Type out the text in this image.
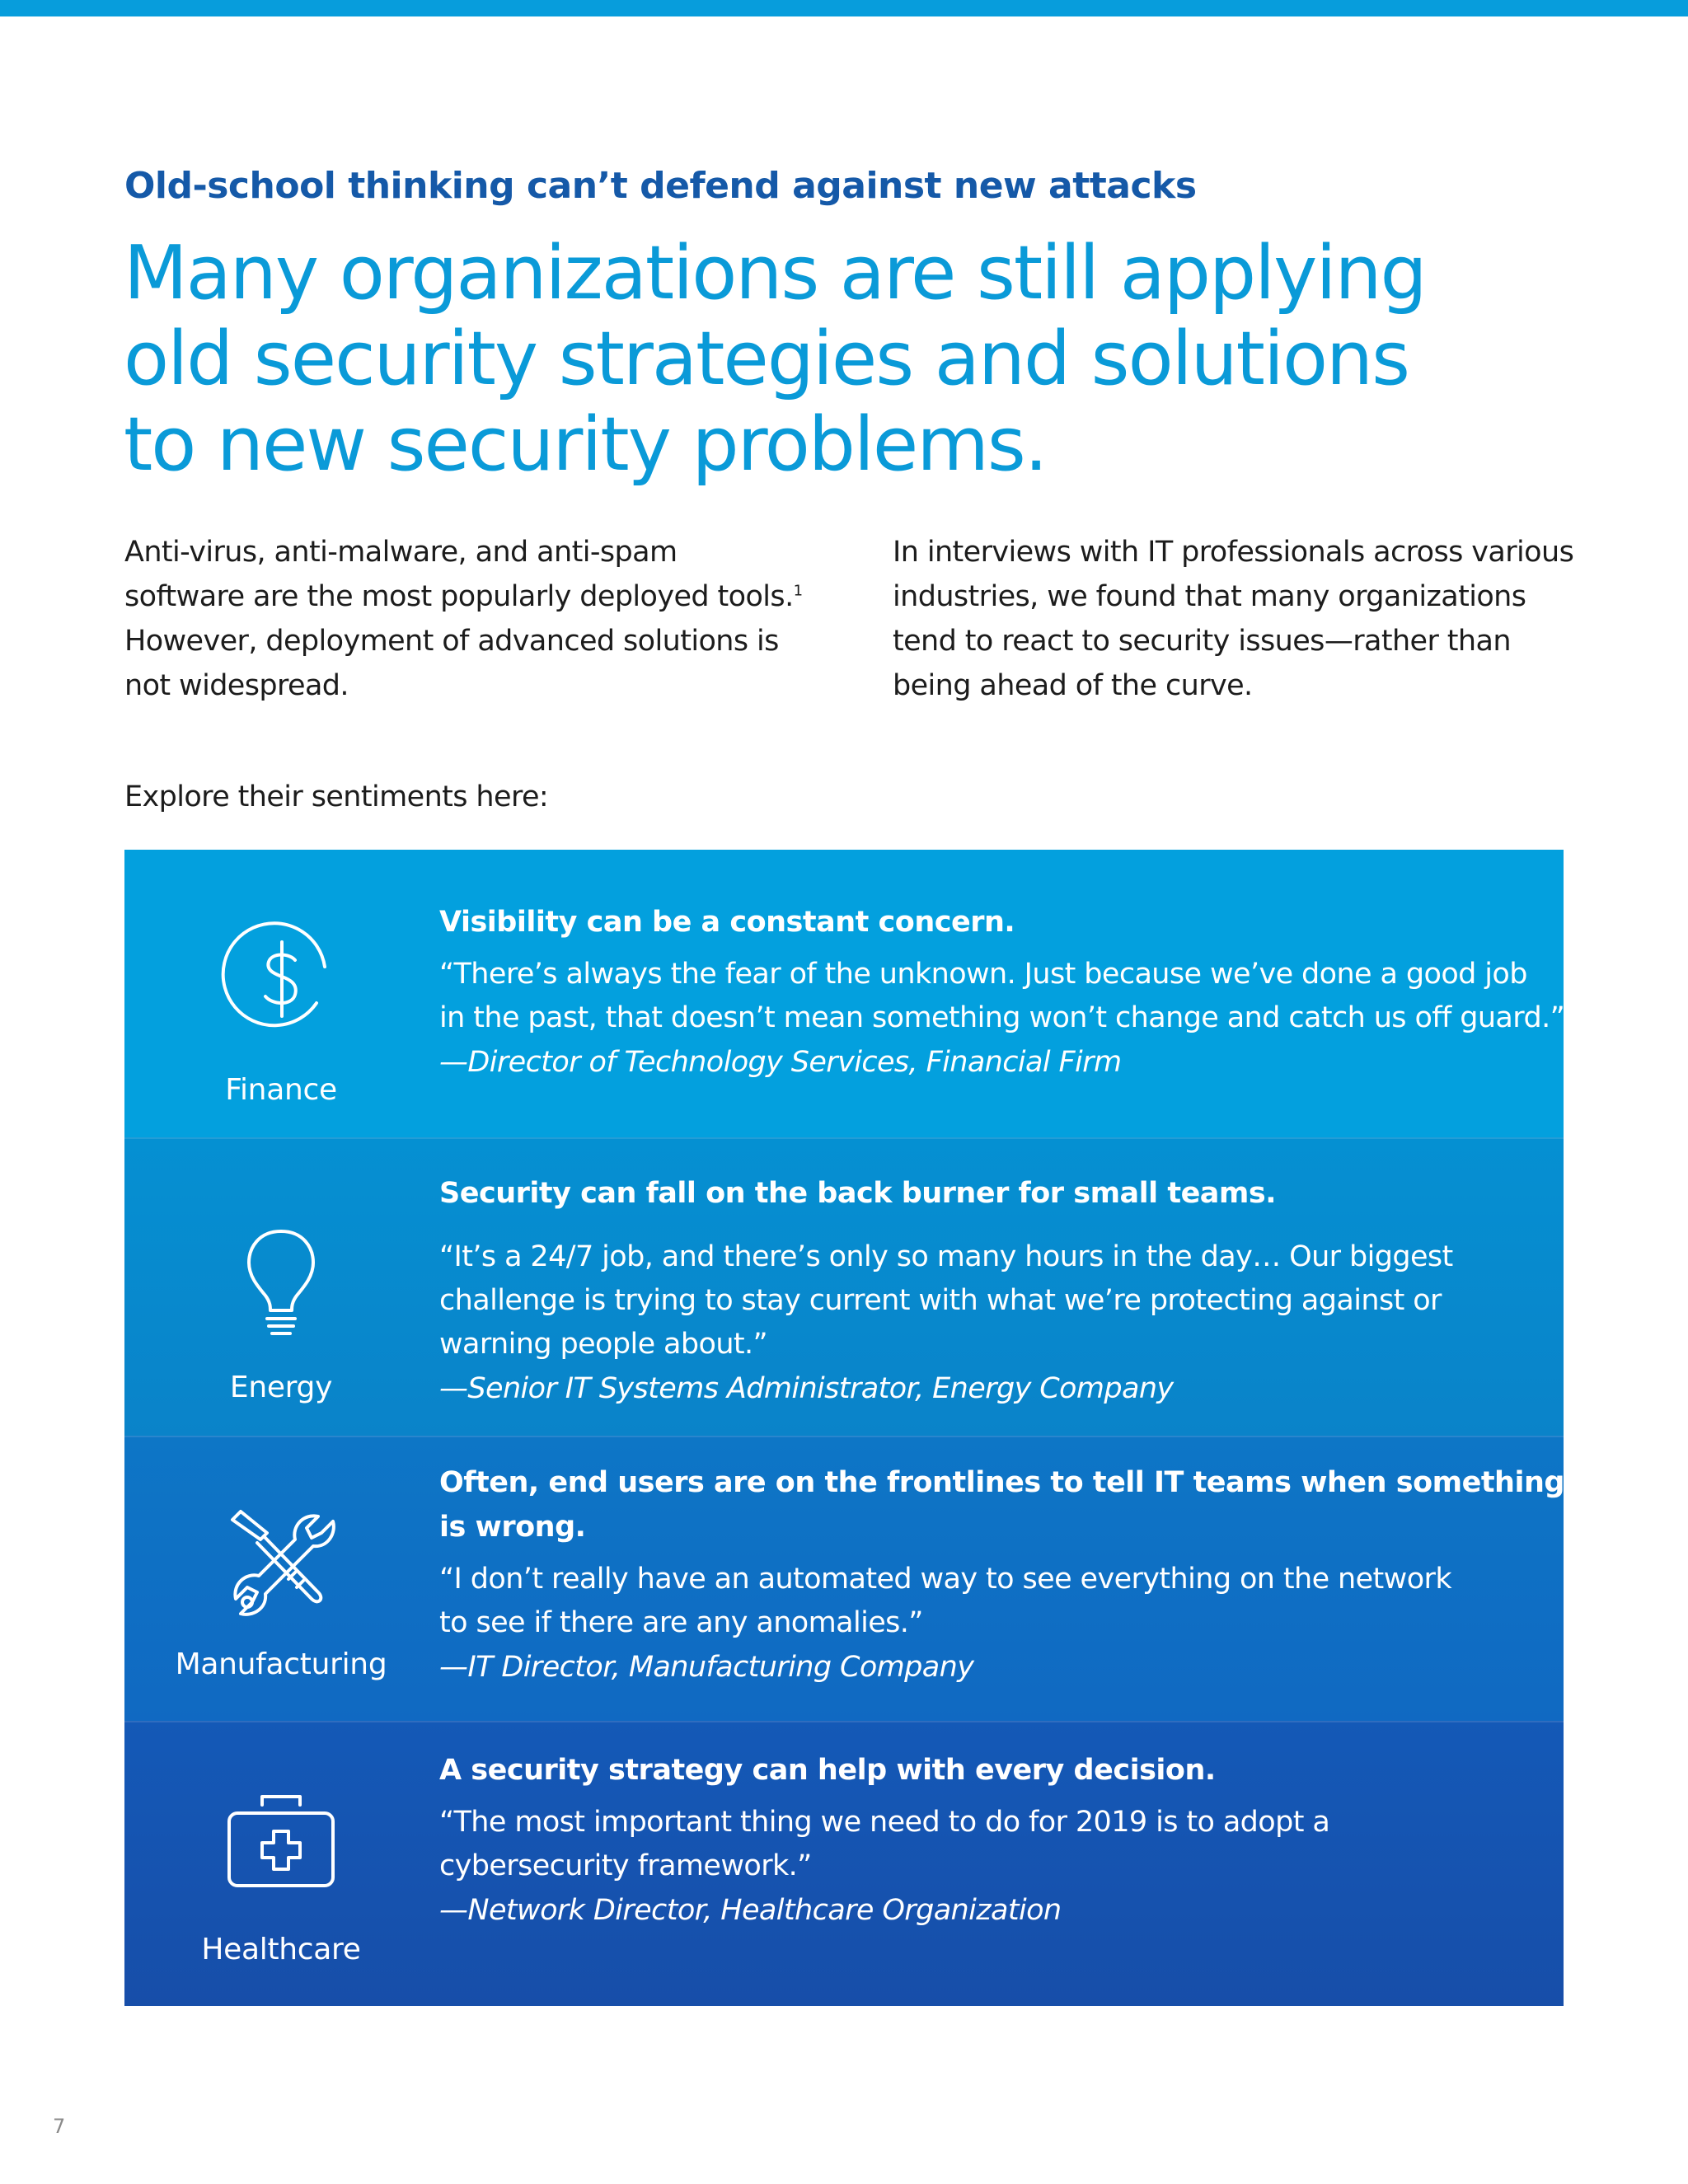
Old-school thinking can’t defend against new attacks
Many organizations are still applying
old security strategies and solutions
to new security problems.

Anti-virus, anti-malware, and anti-spam
software are the most popularly deployed tools.$^1$
However, deployment of advanced solutions is
not widespread.

In interviews with IT professionals across various
industries, we found that many organizations
tend to react to security issues—rather than
being ahead of the curve.

Explore their sentiments here:

Finance

Visibility can be a constant concern.

“There’s always the fear of the unknown. Just because we’ve done a good job
in the past, that doesn’t mean something won’t change and catch us off guard.”

—Director of Technology Services, Financial Firm

Energy

Security can fall on the back burner for small teams.

“It’s a 24/7 job, and there’s only so many hours in the day… Our biggest
challenge is trying to stay current with what we’re protecting against or
warning people about.”

—Senior IT Systems Administrator, Energy Company

Manufacturing

Often, end users are on the frontlines to tell IT teams when something
is wrong.

“I don’t really have an automated way to see everything on the network
to see if there are any anomalies.”

—IT Director, Manufacturing Company

Healthcare

A security strategy can help with every decision.

“The most important thing we need to do for 2019 is to adopt a
cybersecurity framework.”

—Network Director, Healthcare Organization

7
